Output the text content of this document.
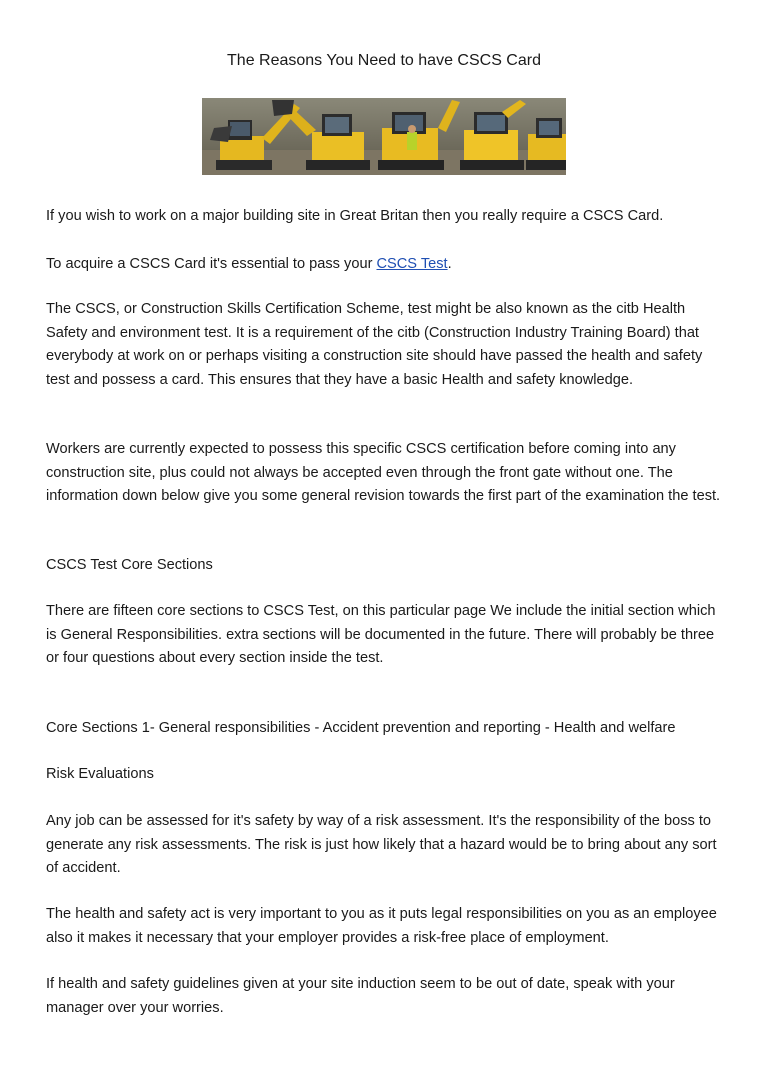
The Reasons You Need to have CSCS Card

If you wish to work on a major building site in Great Britan then you really require a CSCS Card.

To acquire a CSCS Card it's essential to pass your CSCS Test.

The CSCS, or Construction Skills Certification Scheme, test might be also known as the citb Health Safety and environment test. It is a requirement of the citb (Construction Industry Training Board) that everybody at work on or perhaps visiting a construction site should have passed the health and safety test and possess a card. This ensures that they have a basic Health and safety knowledge.

Workers are currently expected to possess this specific CSCS certification before coming into any construction site, plus could not always be accepted even through the front gate without one. The information down below give you some general revision towards the first part of the examination the test.

CSCS Test Core Sections

There are fifteen core sections to CSCS Test, on this particular page We include the initial section which is General Responsibilities. extra sections will be documented in the future. There will probably be three or four questions about every section inside the test.

Core Sections 1- General responsibilities - Accident prevention and reporting - Health and welfare

Risk Evaluations

Any job can be assessed for it's safety by way of a risk assessment. It's the responsibility of the boss to generate any risk assessments. The risk is just how likely that a hazard would be to bring about any sort of accident.

The health and safety act is very important to you as it puts legal responsibilities on you as an employee also it makes it necessary that your employer provides a risk-free place of employment.

If health and safety guidelines given at your site induction seem to be out of date, speak with your manager over your worries.
